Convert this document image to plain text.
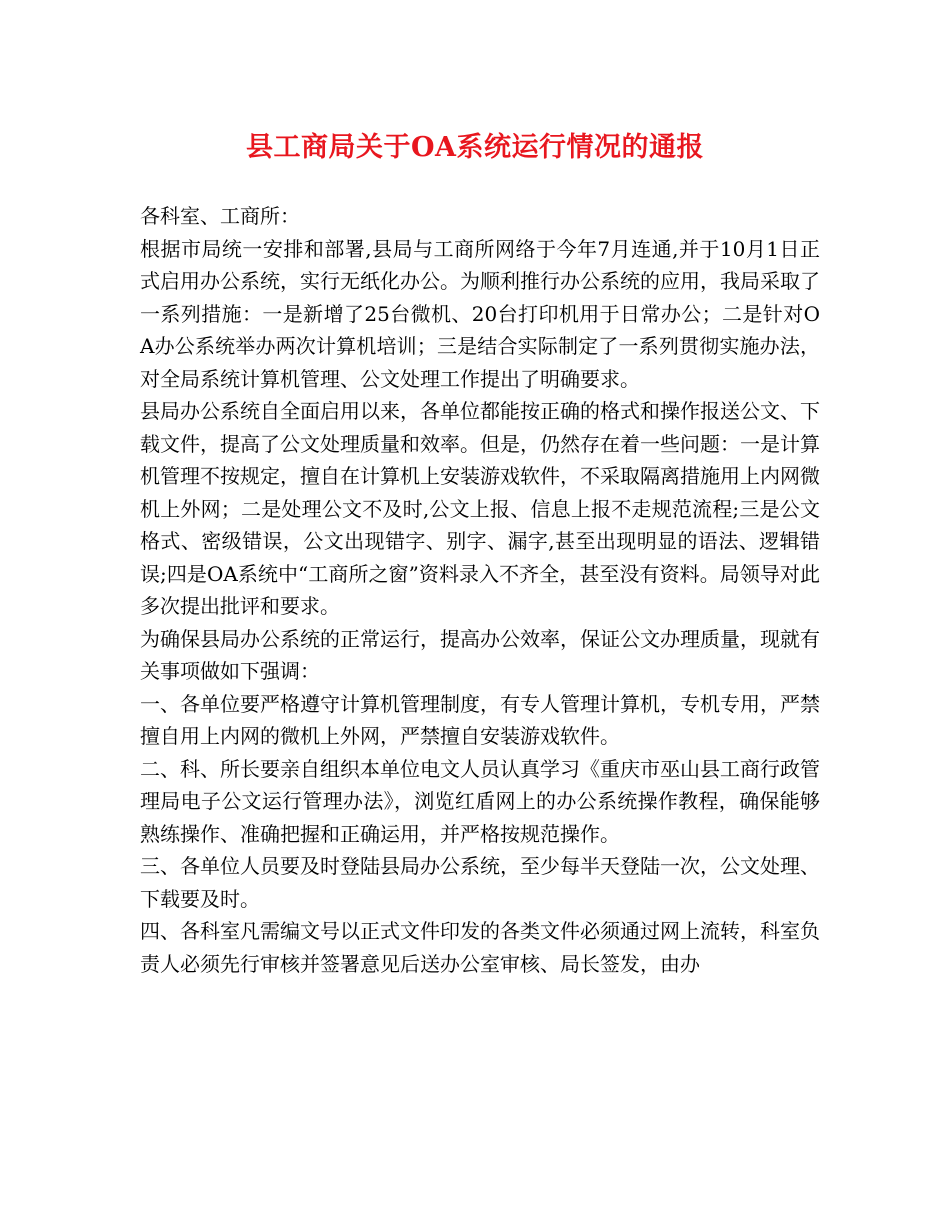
县工商局关于OA系统运行情况的通报

各科室、工商所：

根据市局统一安排和部署,县局与工商所网络于今年7月连通,并于10月1日正式启用办公系统，实行无纸化办公。为顺利推行办公系统的应用，我局采取了一系列措施：一是新增了25台微机、20台打印机用于日常办公；二是针对OA办公系统举办两次计算机培训；三是结合实际制定了一系列贯彻实施办法，对全局系统计算机管理、公文处理工作提出了明确要求。

县局办公系统自全面启用以来，各单位都能按正确的格式和操作报送公文、下载文件，提高了公文处理质量和效率。但是，仍然存在着一些问题：一是计算机管理不按规定，擅自在计算机上安装游戏软件，不采取隔离措施用上内网微机上外网；二是处理公文不及时,公文上报、信息上报不走规范流程;三是公文格式、密级错误，公文出现错字、别字、漏字,甚至出现明显的语法、逻辑错误;四是OA系统中“工商所之窗”资料录入不齐全，甚至没有资料。局领导对此多次提出批评和要求。

为确保县局办公系统的正常运行，提高办公效率，保证公文办理质量，现就有关事项做如下强调：

一、各单位要严格遵守计算机管理制度，有专人管理计算机，专机专用，严禁擅自用上内网的微机上外网，严禁擅自安装游戏软件。

二、科、所长要亲自组织本单位电文人员认真学习《重庆市巫山县工商行政管理局电子公文运行管理办法》，浏览红盾网上的办公系统操作教程，确保能够熟练操作、准确把握和正确运用，并严格按规范操作。

三、各单位人员要及时登陆县局办公系统，至少每半天登陆一次，公文处理、下载要及时。

四、各科室凡需编文号以正式文件印发的各类文件必须通过网上流转，科室负责人必须先行审核并签署意见后送办公室审核、局长签发，由办
